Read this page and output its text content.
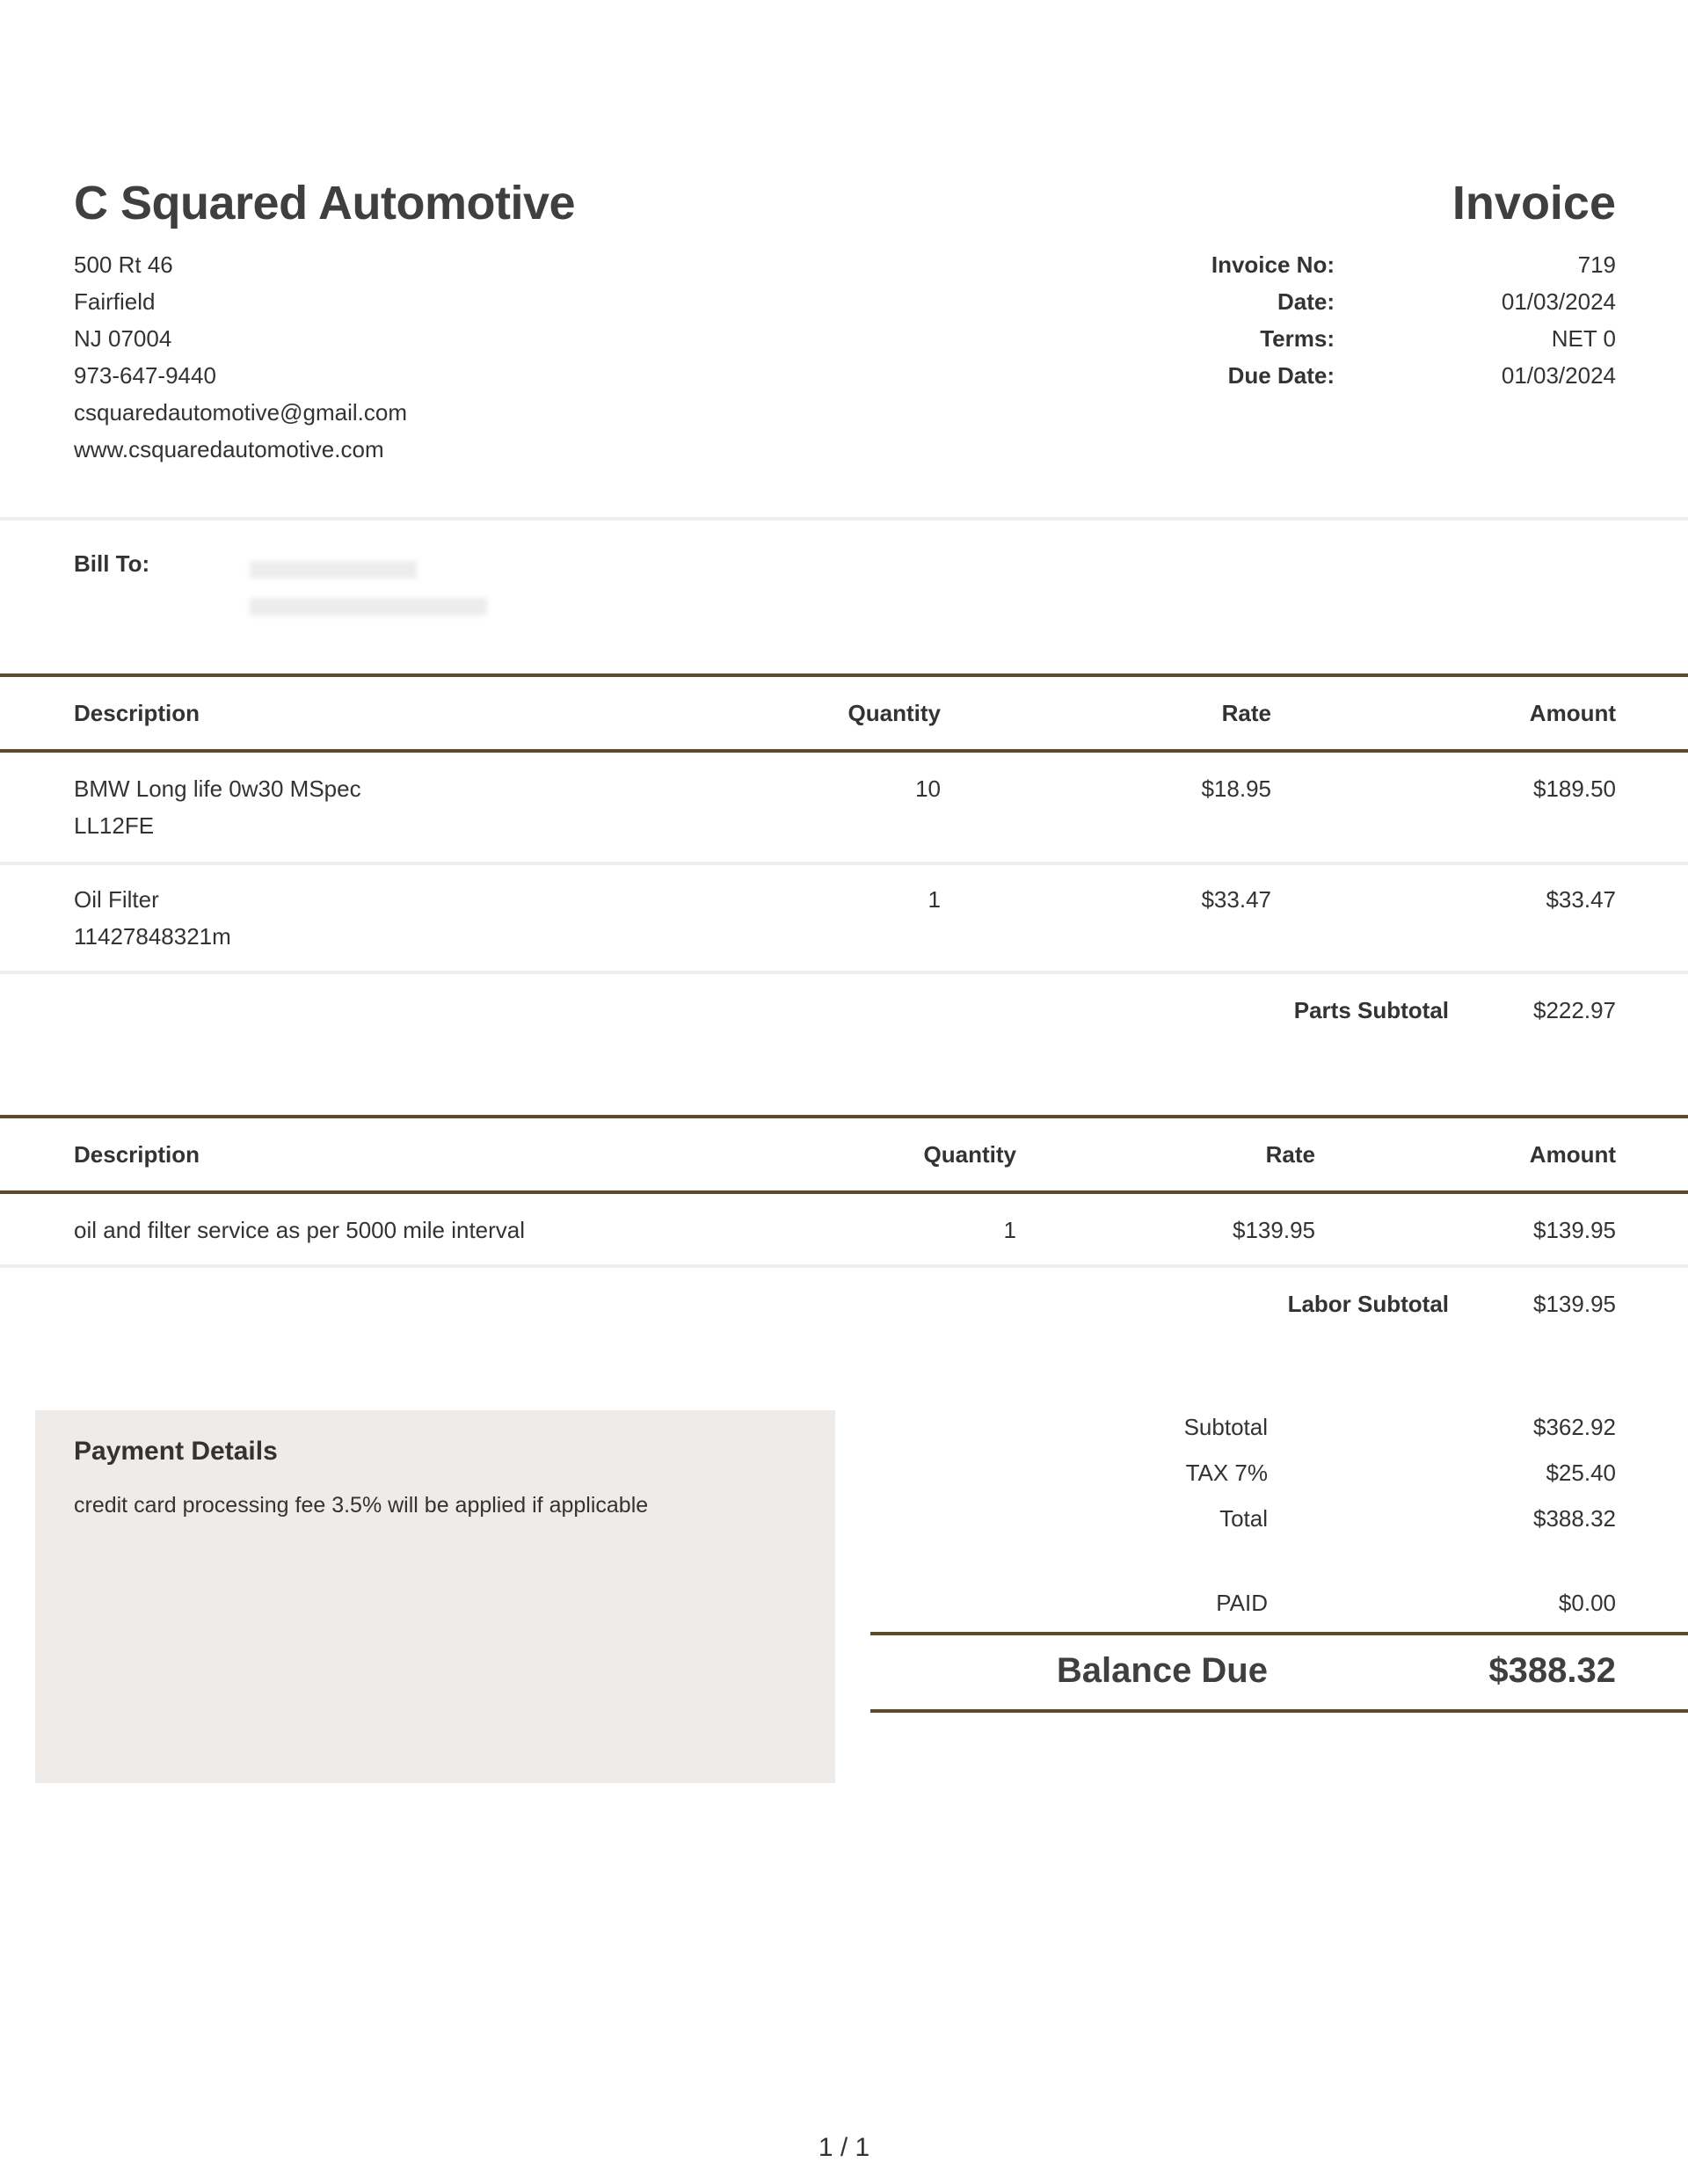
C Squared Automotive
500 Rt 46
Fairfield
NJ 07004
973-647-9440
csquaredautomotive@gmail.com
www.csquaredautomotive.com
Invoice
Invoice No:	719
Date:	01/03/2024
Terms:	NET 0
Due Date:	01/03/2024
Bill To:
Description	Quantity	Rate	Amount
BMW Long life 0w30 MSpec
LL12FE
10	$18.95	$189.50
Oil Filter
11427848321m
1	$33.47	$33.47
Parts Subtotal	$222.97
Description	Quantity	Rate	Amount
oil and filter service as per 5000 mile interval	1	$139.95	$139.95
Labor Subtotal	$139.95
Payment Details
credit card processing fee 3.5% will be applied if applicable
Subtotal	$362.92
TAX 7%	$25.40
Total	$388.32
PAID	$0.00
Balance Due	$388.32
1 / 1
